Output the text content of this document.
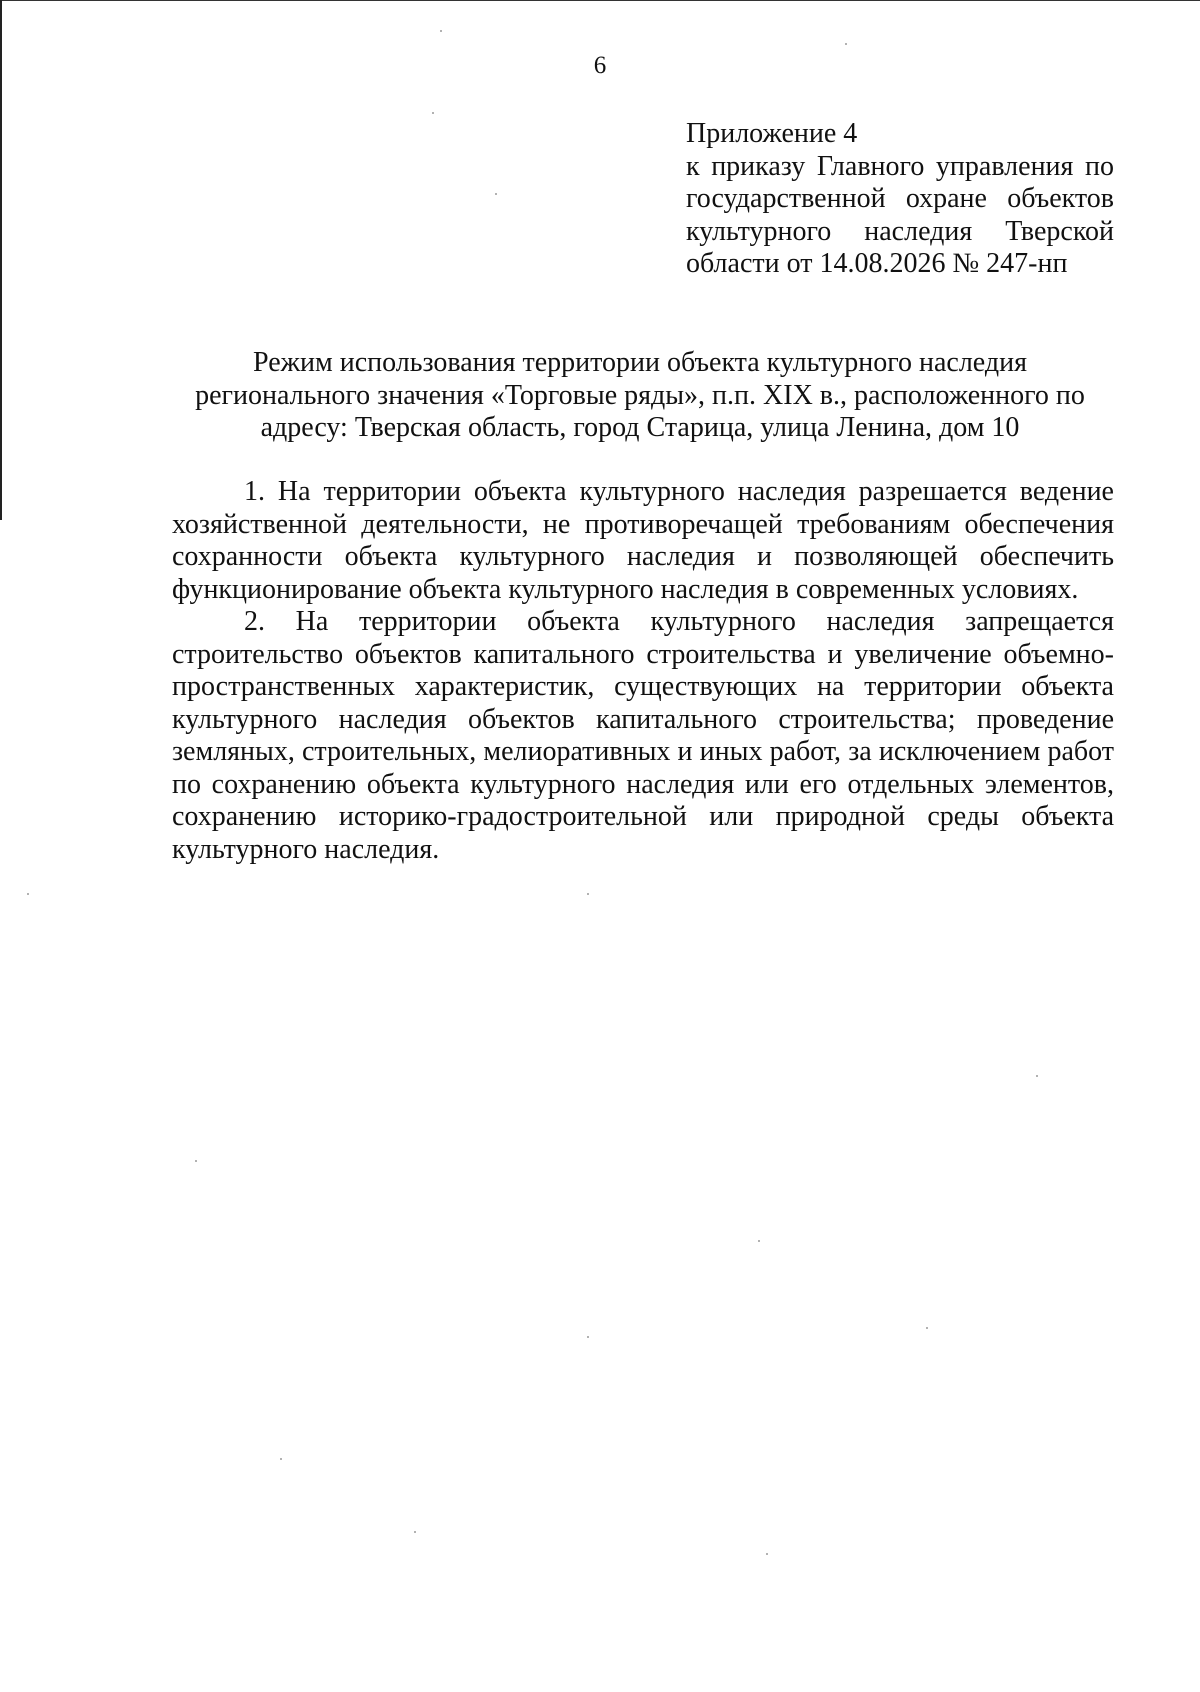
6
Приложение 4
к приказу Главного управления по
государственной охране объектов
культурного наследия Тверской
области от 14.08.2026 № 247-нп
Режим использования территории объекта культурного наследия
регионального значения «Торговые ряды», п.п. XIX в., расположенного по
адресу: Тверская область, город Старица, улица Ленина, дом 10

1. На территории объекта культурного наследия разрешается ведение
хозяйственной деятельности, не противоречащей требованиям обеспечения
сохранности объекта культурного наследия и позволяющей обеспечить
функционирование объекта культурного наследия в современных условиях.

2. На территории объекта культурного наследия запрещается
строительство объектов капитального строительства и увеличение объемно-
пространственных характеристик, существующих на территории объекта
культурного наследия объектов капитального строительства; проведение
земляных, строительных, мелиоративных и иных работ, за исключением работ
по сохранению объекта культурного наследия или его отдельных элементов,
сохранению историко-градостроительной или природной среды объекта
культурного наследия.
